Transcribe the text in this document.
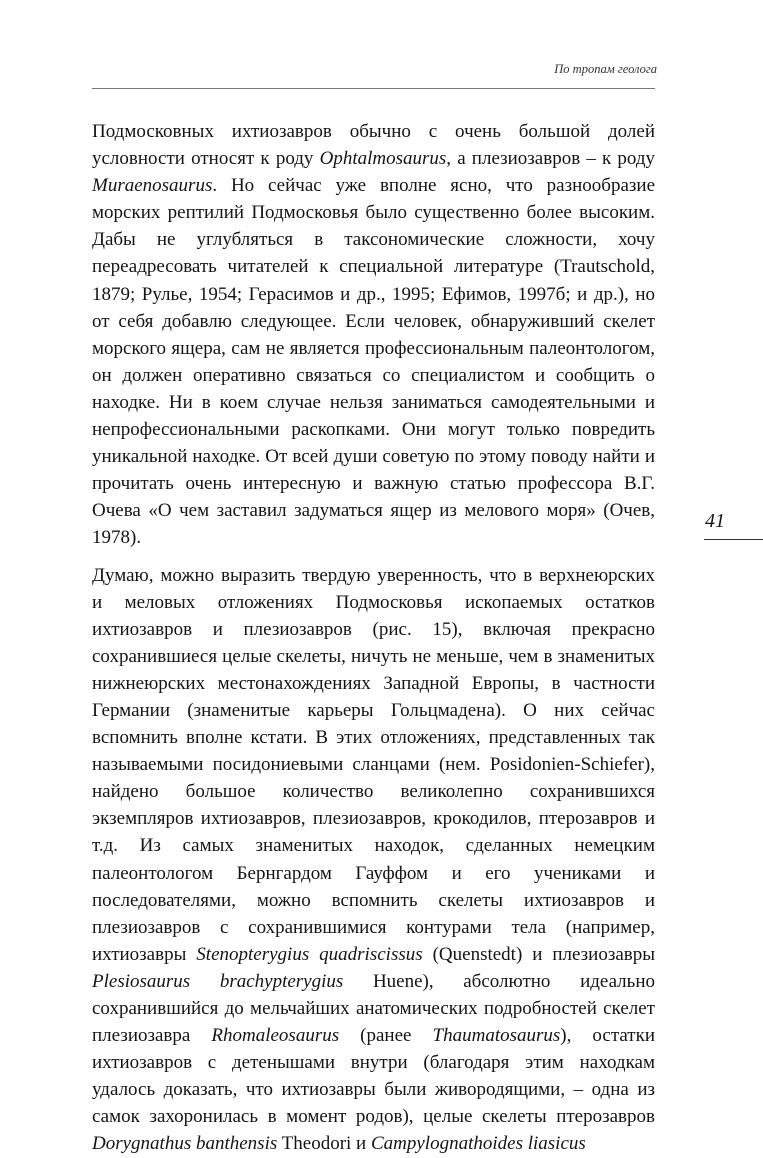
По тропам геолога

Подмосковных ихтиозавров обычно с очень большой долей условности относят к роду Ophtalmosaurus, а плезиозавров – к роду Muraenosaurus. Но сейчас уже вполне ясно, что разнообразие морских рептилий Подмосковья было существенно более высоким. Дабы не углубляться в таксономические сложности, хочу переадресовать читателей к специальной литературе (Trautschold, 1879; Рулье, 1954; Герасимов и др., 1995; Ефимов, 1997б; и др.), но от себя добавлю следующее. Если человек, обнаруживший скелет морского ящера, сам не является профессиональным палеонтологом, он должен оперативно связаться со специалистом и сообщить о находке. Ни в коем случае нельзя заниматься самодеятельными и непрофессиональными раскопками. Они могут только повредить уникальной находке. От всей души советую по этому поводу найти и прочитать очень интересную и важную статью профессора В.Г. Очева «О чем заставил задуматься ящер из мелового моря» (Очев, 1978).

Думаю, можно выразить твердую уверенность, что в верхнеюрских и меловых отложениях Подмосковья ископаемых остатков ихтиозавров и плезиозавров (рис. 15), включая прекрасно сохранившиеся целые скелеты, ничуть не меньше, чем в знаменитых нижнеюрских местонахождениях Западной Европы, в частности Германии (знаменитые карьеры Гольцмадена). О них сейчас вспомнить вполне кстати. В этих отложениях, представленных так называемыми посидониевыми сланцами (нем. Posidonien-Schiefer), найдено большое количество великолепно сохранившихся экземпляров ихтиозавров, плезиозавров, крокодилов, птерозавров и т.д. Из самых знаменитых находок, сделанных немецким палеонтологом Бернгардом Гауффом и его учениками и последователями, можно вспомнить скелеты ихтиозавров и плезиозавров с сохранившимися контурами тела (например, ихтиозавры Stenopterygius quadriscissus (Quenstedt) и плезиозавры Plesiosaurus brachypterygius Huene), абсолютно идеально сохранившийся до мельчайших анатомических подробностей скелет плезиозавра Rhomaleosaurus (ранее Thaumatosaurus), остатки ихтиозавров с детенышами внутри (благодаря этим находкам удалось доказать, что ихтиозавры были живородящими, – одна из самок захоронилась в момент родов), целые скелеты птерозавров Dorygnathus banthensis Theodori и Campylognathoides liasicus

41
